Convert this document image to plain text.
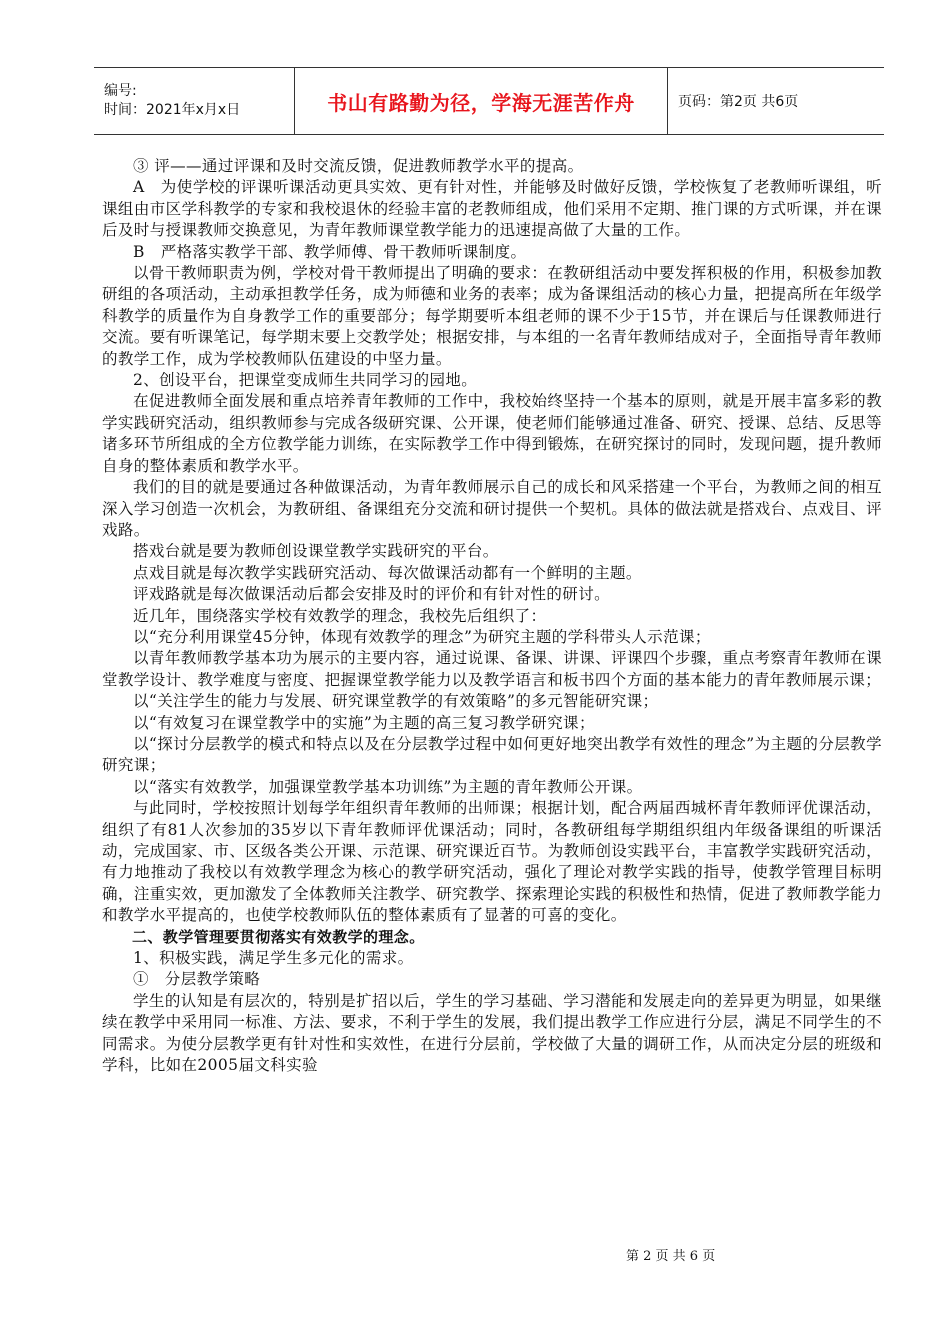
编号:
时间：2021年x月x日	书山有路勤为径，学海无涯苦作舟	页码：第2页 共6页

③ 评——通过评课和及时交流反馈，促进教师教学水平的提高。

A　为使学校的评课听课活动更具实效、更有针对性，并能够及时做好反馈，学校恢复了老教师听课组，听课组由市区学科教学的专家和我校退休的经验丰富的老教师组成，他们采用不定期、推门课的方式听课，并在课后及时与授课教师交换意见，为青年教师课堂教学能力的迅速提高做了大量的工作。

B　严格落实教学干部、教学师傅、骨干教师听课制度。

以骨干教师职责为例，学校对骨干教师提出了明确的要求：在教研组活动中要发挥积极的作用，积极参加教研组的各项活动，主动承担教学任务，成为师德和业务的表率；成为备课组活动的核心力量，把提高所在年级学科教学的质量作为自身教学工作的重要部分；每学期要听本组老师的课不少于15节，并在课后与任课教师进行交流。要有听课笔记，每学期末要上交教学处；根据安排，与本组的一名青年教师结成对子，全面指导青年教师的教学工作，成为学校教师队伍建设的中坚力量。

2、创设平台，把课堂变成师生共同学习的园地。

在促进教师全面发展和重点培养青年教师的工作中，我校始终坚持一个基本的原则，就是开展丰富多彩的教学实践研究活动，组织教师参与完成各级研究课、公开课，使老师们能够通过准备、研究、授课、总结、反思等诸多环节所组成的全方位教学能力训练，在实际教学工作中得到锻炼，在研究探讨的同时，发现问题，提升教师自身的整体素质和教学水平。

我们的目的就是要通过各种做课活动，为青年教师展示自己的成长和风采搭建一个平台，为教师之间的相互深入学习创造一次机会，为教研组、备课组充分交流和研讨提供一个契机。具体的做法就是搭戏台、点戏目、评戏路。

搭戏台就是要为教师创设课堂教学实践研究的平台。

点戏目就是每次教学实践研究活动、每次做课活动都有一个鲜明的主题。

评戏路就是每次做课活动后都会安排及时的评价和有针对性的研讨。

近几年，围绕落实学校有效教学的理念，我校先后组织了：

以“充分利用课堂45分钟，体现有效教学的理念”为研究主题的学科带头人示范课；

以青年教师教学基本功为展示的主要内容，通过说课、备课、讲课、评课四个步骤，重点考察青年教师在课堂教学设计、教学难度与密度、把握课堂教学能力以及教学语言和板书四个方面的基本能力的青年教师展示课；

以“关注学生的能力与发展、研究课堂教学的有效策略”的多元智能研究课；

以“有效复习在课堂教学中的实施”为主题的高三复习教学研究课；

以“探讨分层教学的模式和特点以及在分层教学过程中如何更好地突出教学有效性的理念”为主题的分层教学研究课；

以“落实有效教学，加强课堂教学基本功训练”为主题的青年教师公开课。

与此同时，学校按照计划每学年组织青年教师的出师课；根据计划，配合两届西城杯青年教师评优课活动，组织了有81人次参加的35岁以下青年教师评优课活动；同时，各教研组每学期组织组内年级备课组的听课活动，完成国家、市、区级各类公开课、示范课、研究课近百节。为教师创设实践平台，丰富教学实践研究活动，有力地推动了我校以有效教学理念为核心的教学研究活动，强化了理论对教学实践的指导，使教学管理目标明确，注重实效，更加激发了全体教师关注教学、研究教学、探索理论实践的积极性和热情，促进了教师教学能力和教学水平提高的，也使学校教师队伍的整体素质有了显著的可喜的变化。

二、教学管理要贯彻落实有效教学的理念。

1、积极实践，满足学生多元化的需求。

①　分层教学策略

学生的认知是有层次的，特别是扩招以后，学生的学习基础、学习潜能和发展走向的差异更为明显，如果继续在教学中采用同一标准、方法、要求，不利于学生的发展，我们提出教学工作应进行分层，满足不同学生的不同需求。为使分层教学更有针对性和实效性，在进行分层前，学校做了大量的调研工作，从而决定分层的班级和学科，比如在2005届文科实验

第 2 页 共 6 页
